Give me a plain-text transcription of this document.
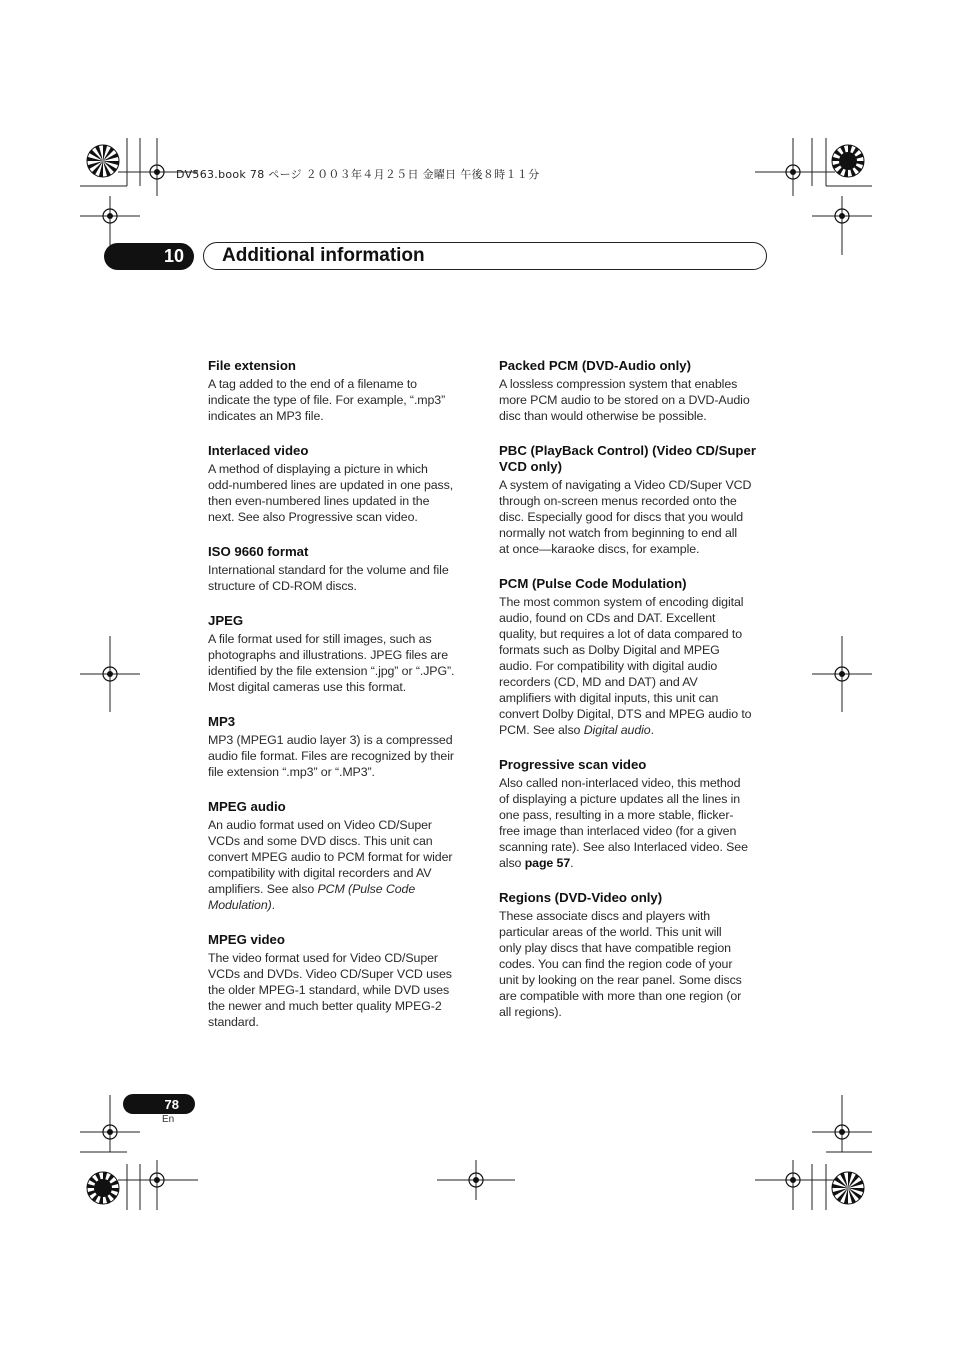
DV563.book 78 ページ ２００３年４月２５日 金曜日 午後８時１１分
10 Additional information
File extension
A tag added to the end of a filename to
indicate the type of file. For example, “.mp3”
indicates an MP3 file.
Interlaced video
A method of displaying a picture in which
odd-numbered lines are updated in one pass,
then even-numbered lines updated in the
next. See also Progressive scan video.
ISO 9660 format
International standard for the volume and file
structure of CD-ROM discs.
JPEG
A file format used for still images, such as
photographs and illustrations. JPEG files are
identified by the file extension “.jpg” or “.JPG”.
Most digital cameras use this format.
MP3
MP3 (MPEG1 audio layer 3) is a compressed
audio file format. Files are recognized by their
file extension “.mp3” or “.MP3”.
MPEG audio
An audio format used on Video CD/Super
VCDs and some DVD discs. This unit can
convert MPEG audio to PCM format for wider
compatibility with digital recorders and AV
amplifiers. See also PCM (Pulse Code
Modulation).
MPEG video
The video format used for Video CD/Super
VCDs and DVDs. Video CD/Super VCD uses
the older MPEG-1 standard, while DVD uses
the newer and much better quality MPEG-2
standard.
Packed PCM (DVD-Audio only)
A lossless compression system that enables
more PCM audio to be stored on a DVD-Audio
disc than would otherwise be possible.
PBC (PlayBack Control) (Video CD/Super
VCD only)
A system of navigating a Video CD/Super VCD
through on-screen menus recorded onto the
disc. Especially good for discs that you would
normally not watch from beginning to end all
at once—karaoke discs, for example.
PCM (Pulse Code Modulation)
The most common system of encoding digital
audio, found on CDs and DAT. Excellent
quality, but requires a lot of data compared to
formats such as Dolby Digital and MPEG
audio. For compatibility with digital audio
recorders (CD, MD and DAT) and AV
amplifiers with digital inputs, this unit can
convert Dolby Digital, DTS and MPEG audio to
PCM. See also Digital audio.
Progressive scan video
Also called non-interlaced video, this method
of displaying a picture updates all the lines in
one pass, resulting in a more stable, flicker-
free image than interlaced video (for a given
scanning rate). See also Interlaced video. See
also page 57.
Regions (DVD-Video only)
These associate discs and players with
particular areas of the world. This unit will
only play discs that have compatible region
codes. You can find the region code of your
unit by looking on the rear panel. Some discs
are compatible with more than one region (or
all regions).
78
En
